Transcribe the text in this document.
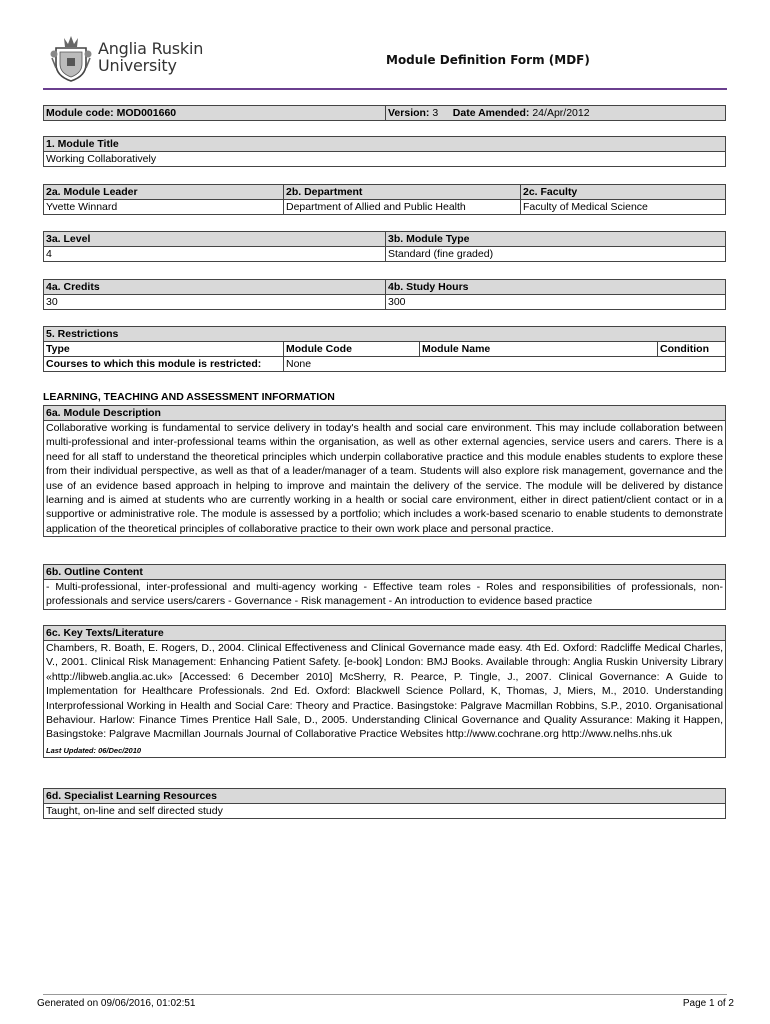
Anglia Ruskin
University	Module Definition Form (MDF)
Module code: MOD001660	Version: 3 Date Amended: 24/Apr/2012
1. Module Title
Working Collaboratively
2a. Module Leader	2b. Department	2c. Faculty
Yvette Winnard	Department of Allied and Public Health	Faculty of Medical Science
3a. Level	3b. Module Type
4	Standard (fine graded)
4a. Credits	4b. Study Hours
30	300
5. Restrictions
Type	Module Code	Module Name	Condition
Courses to which this module is restricted:	None
LEARNING, TEACHING AND ASSESSMENT INFORMATION
6a. Module Description
Collaborative working is fundamental to service delivery in today's health and social care environment. This may include collaboration between multi-professional and inter-professional teams within the organisation, as well as other external agencies, service users and carers. There is a need for all staff to understand the theoretical principles which underpin collaborative practice and this module enables students to explore these from their individual perspective, as well as that of a leader/manager of a team. Students will also explore risk management, governance and the use of an evidence based approach in helping to improve and maintain the delivery of the service. The module will be delivered by distance learning and is aimed at students who are currently working in a health or social care environment, either in direct patient/client contact or in a supportive or administrative role. The module is assessed by a portfolio; which includes a work-based scenario to enable students to demonstrate application of the theoretical principles of collaborative practice to their own work place and personal practice.
6b. Outline Content
- Multi-professional, inter-professional and multi-agency working - Effective team roles - Roles and responsibilities of professionals, non-professionals and service users/carers - Governance - Risk management - An introduction to evidence based practice
6c. Key Texts/Literature
Chambers, R. Boath, E. Rogers, D., 2004. Clinical Effectiveness and Clinical Governance made easy. 4th Ed. Oxford: Radcliffe Medical Charles, V., 2001. Clinical Risk Management: Enhancing Patient Safety. [e-book] London: BMJ Books. Available through: Anglia Ruskin University Library «http://libweb.anglia.ac.uk» [Accessed: 6 December 2010] McSherry, R. Pearce, P. Tingle, J., 2007. Clinical Governance: A Guide to Implementation for Healthcare Professionals. 2nd Ed. Oxford: Blackwell Science Pollard, K, Thomas, J, Miers, M., 2010. Understanding Interprofessional Working in Health and Social Care: Theory and Practice. Basingstoke: Palgrave Macmillan Robbins, S.P., 2010. Organisational Behaviour. Harlow: Finance Times Prentice Hall Sale, D., 2005. Understanding Clinical Governance and Quality Assurance: Making it Happen, Basingstoke: Palgrave Macmillan Journals Journal of Collaborative Practice Websites http://www.cochrane.org http://www.nelhs.nhs.uk
Last Updated: 06/Dec/2010
6d. Specialist Learning Resources
Taught, on-line and self directed study
Generated on 09/06/2016, 01:02:51	Page 1 of 2
